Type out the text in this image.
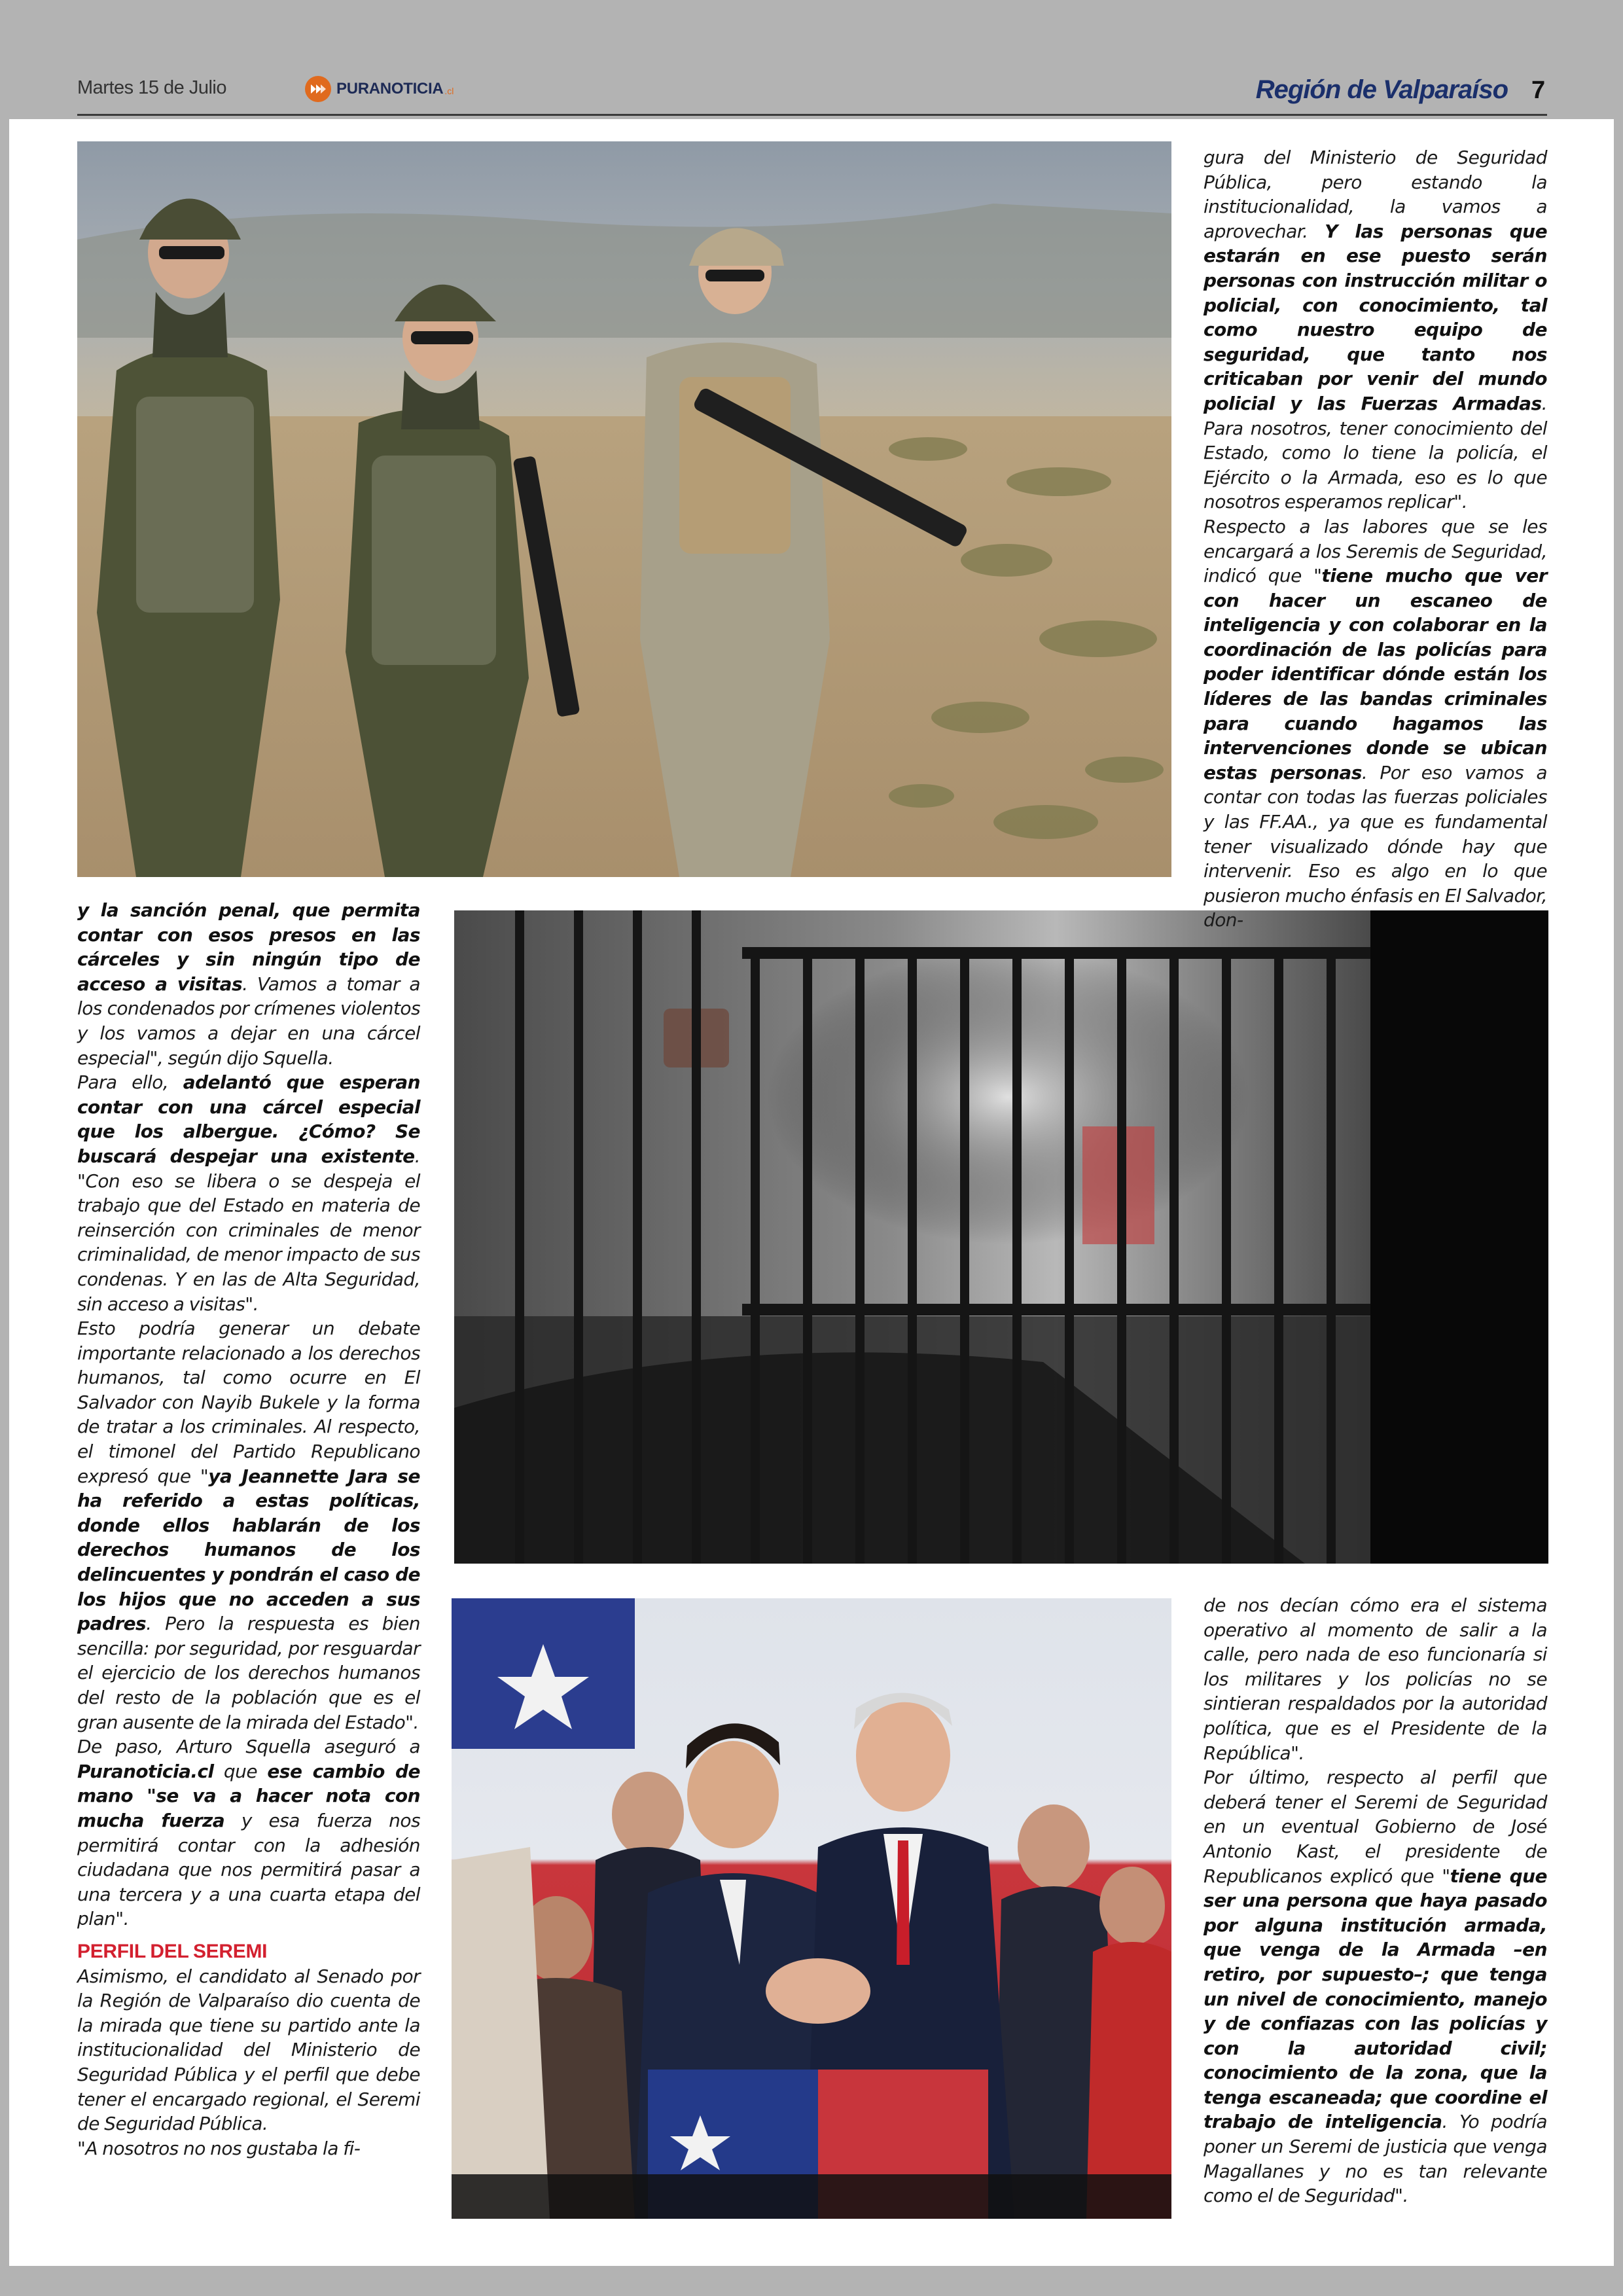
Martes 15 de Julio	PURANOTICIA .cl	Región de Valparaíso 7

gura del Ministerio de Seguridad Pública, pero estando la institucionalidad, la vamos a aprovechar. Y las personas que estarán en ese puesto serán personas con instrucción militar o policial, con conocimiento, tal como nuestro equipo de seguridad, que tanto nos criticaban por venir del mundo policial y las Fuerzas Armadas. Para nosotros, tener conocimiento del Estado, como lo tiene la policía, el Ejército o la Armada, eso es lo que nosotros esperamos replicar".

Respecto a las labores que se les encargará a los Seremis de Seguridad, indicó que "tiene mucho que ver con hacer un escaneo de inteligencia y con colaborar en la coordinación de las policías para poder identificar dónde están los líderes de las bandas criminales para cuando hagamos las intervenciones donde se ubican estas personas. Por eso vamos a contar con todas las fuerzas policiales y las FF.AA., ya que es fundamental tener visualizado dónde hay que intervenir. Eso es algo en lo que pusieron mucho énfasis en El Salvador, don-

y la sanción penal, que permita contar con esos presos en las cárceles y sin ningún tipo de acceso a visitas. Vamos a tomar a los condenados por crímenes violentos y los vamos a dejar en una cárcel especial", según dijo Squella.

Para ello, adelantó que esperan contar con una cárcel especial que los albergue. ¿Cómo? Se buscará despejar una existente. "Con eso se libera o se despeja el trabajo que del Estado en materia de reinserción con criminales de menor criminalidad, de menor impacto de sus condenas. Y en las de Alta Seguridad, sin acceso a visitas".

Esto podría generar un debate importante relacionado a los derechos humanos, tal como ocurre en El Salvador con Nayib Bukele y la forma de tratar a los criminales. Al respecto, el timonel del Partido Republicano expresó que "ya Jeannette Jara se ha referido a estas políticas, donde ellos hablarán de los derechos humanos de los delincuentes y pondrán el caso de los hijos que no acceden a sus padres. Pero la respuesta es bien sencilla: por seguridad, por resguardar el ejercicio de los derechos humanos del resto de la población que es el gran ausente de la mirada del Estado".

De paso, Arturo Squella aseguró a Puranoticia.cl que ese cambio de mano "se va a hacer nota con mucha fuerza y esa fuerza nos permitirá contar con la adhesión ciudadana que nos permitirá pasar a una tercera y a una cuarta etapa del plan".

PERFIL DEL SEREMI

Asimismo, el candidato al Senado por la Región de Valparaíso dio cuenta de la mirada que tiene su partido ante la institucionalidad del Ministerio de Seguridad Pública y el perfil que debe tener el encargado regional, el Seremi de Seguridad Pública.

"A nosotros no nos gustaba la fi-

de nos decían cómo era el sistema operativo al momento de salir a la calle, pero nada de eso funcionaría si los militares y los policías no se sintieran respaldados por la autoridad política, que es el Presidente de la República".

Por último, respecto al perfil que deberá tener el Seremi de Seguridad en un eventual Gobierno de José Antonio Kast, el presidente de Republicanos explicó que "tiene que ser una persona que haya pasado por alguna institución armada, que venga de la Armada –en retiro, por supuesto–; que tenga un nivel de conocimiento, manejo y de confiazas con las policías y con la autoridad civil; conocimiento de la zona, que la tenga escaneada; que coordine el trabajo de inteligencia. Yo podría poner un Seremi de justicia que venga Magallanes y no es tan relevante como el de Seguridad".
